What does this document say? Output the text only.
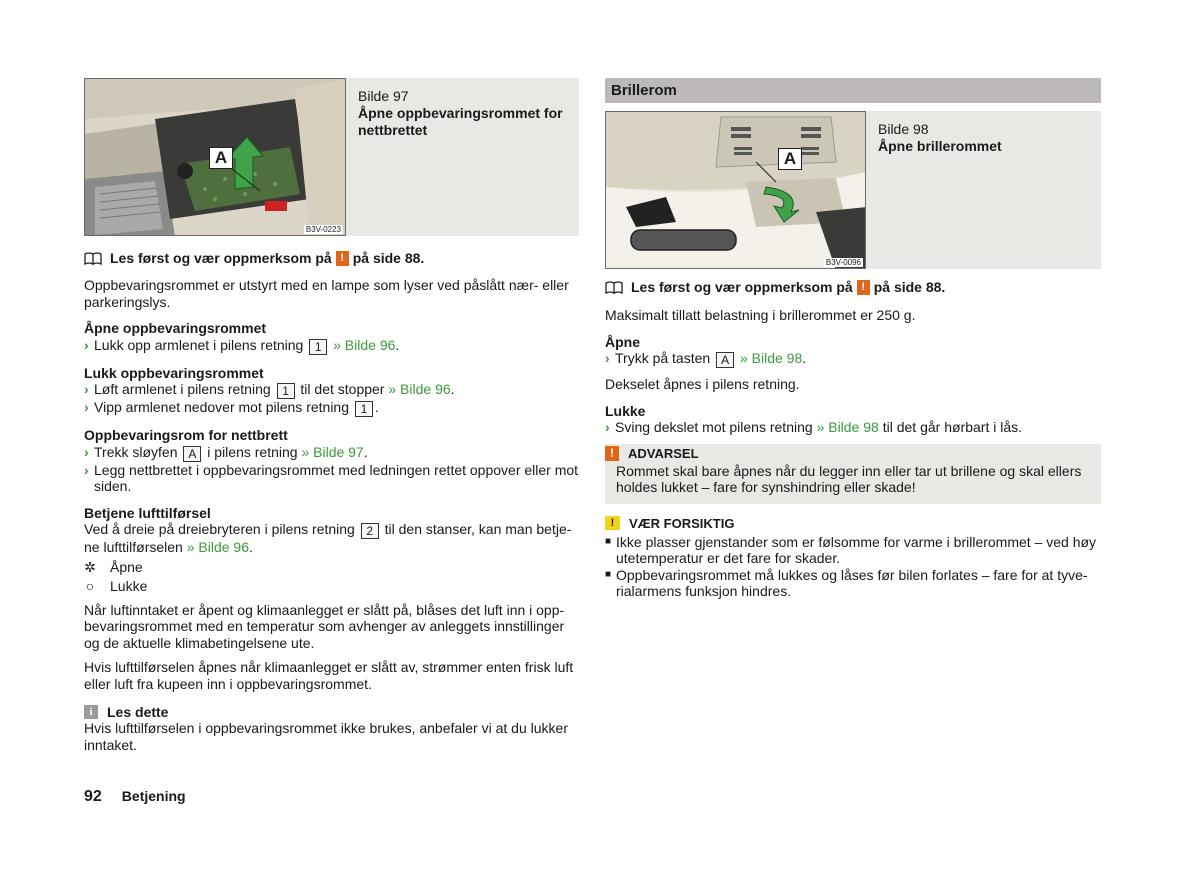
A
B3V-0223
Bilde 97
Åpne oppbevaringsrommet for nettbrettet
Les først og vær oppmerksom på ! på side 88.

Oppbevaringsrommet er utstyrt med en lampe som lyser ved påslått nær- eller parkeringslys.

Åpne oppbevaringsrommet
› Lukk opp armlenet i pilens retning 1 » Bilde 96.
Lukk oppbevaringsrommet
› Løft armlenet i pilens retning 1 til det stopper » Bilde 96.
› Vipp armlenet nedover mot pilens retning 1 .
Oppbevaringsrom for nettbrett
› Trekk sløyfen A i pilens retning » Bilde 97.
› Legg nettbrettet i oppbevaringsrommet med ledningen rettet oppover eller mot siden.
Betjene lufttilførsel

Ved å dreie på dreiebryteren i pilens retning 2 til den stanser, kan man betje-ne lufttilførselen » Bilde 96.

✲ Åpne
○ Lukke

Når luftinntaket er åpent og klimaanlegget er slått på, blåses det luft inn i opp-bevaringsrommet med en temperatur som avhenger av anleggets innstillinger og de aktuelle klimabetingelsene ute.

Hvis lufttilførselen åpnes når klimaanlegget er slått av, strømmer enten frisk luft eller luft fra kupeen inn i oppbevaringsrommet.

i	Les dette

Hvis lufttilførselen i oppbevaringsrommet ikke brukes, anbefaler vi at du lukker inntaket.

Brillerom
A
B3V-0096
Bilde 98
Åpne brillerommet
Les først og vær oppmerksom på ! på side 88.

Maksimalt tillatt belastning i brillerommet er 250 g.

Åpne
› Trykk på tasten A » Bilde 98.

Dekselet åpnes i pilens retning.

Lukke
› Sving dekslet mot pilens retning » Bilde 98 til det går hørbart i lås.
!	ADVARSEL

Rommet skal bare åpnes når du legger inn eller tar ut brillene og skal ellers holdes lukket – fare for synshindring eller skade!

!	VÆR FORSIKTIG
■ Ikke plasser gjenstander som er følsomme for varme i brillerommet – ved høy utetemperatur er det fare for skader.
■ Oppbevaringsrommet må lukkes og låses før bilen forlates – fare for at tyve-rialarmens funksjon hindres.
92 Betjening
